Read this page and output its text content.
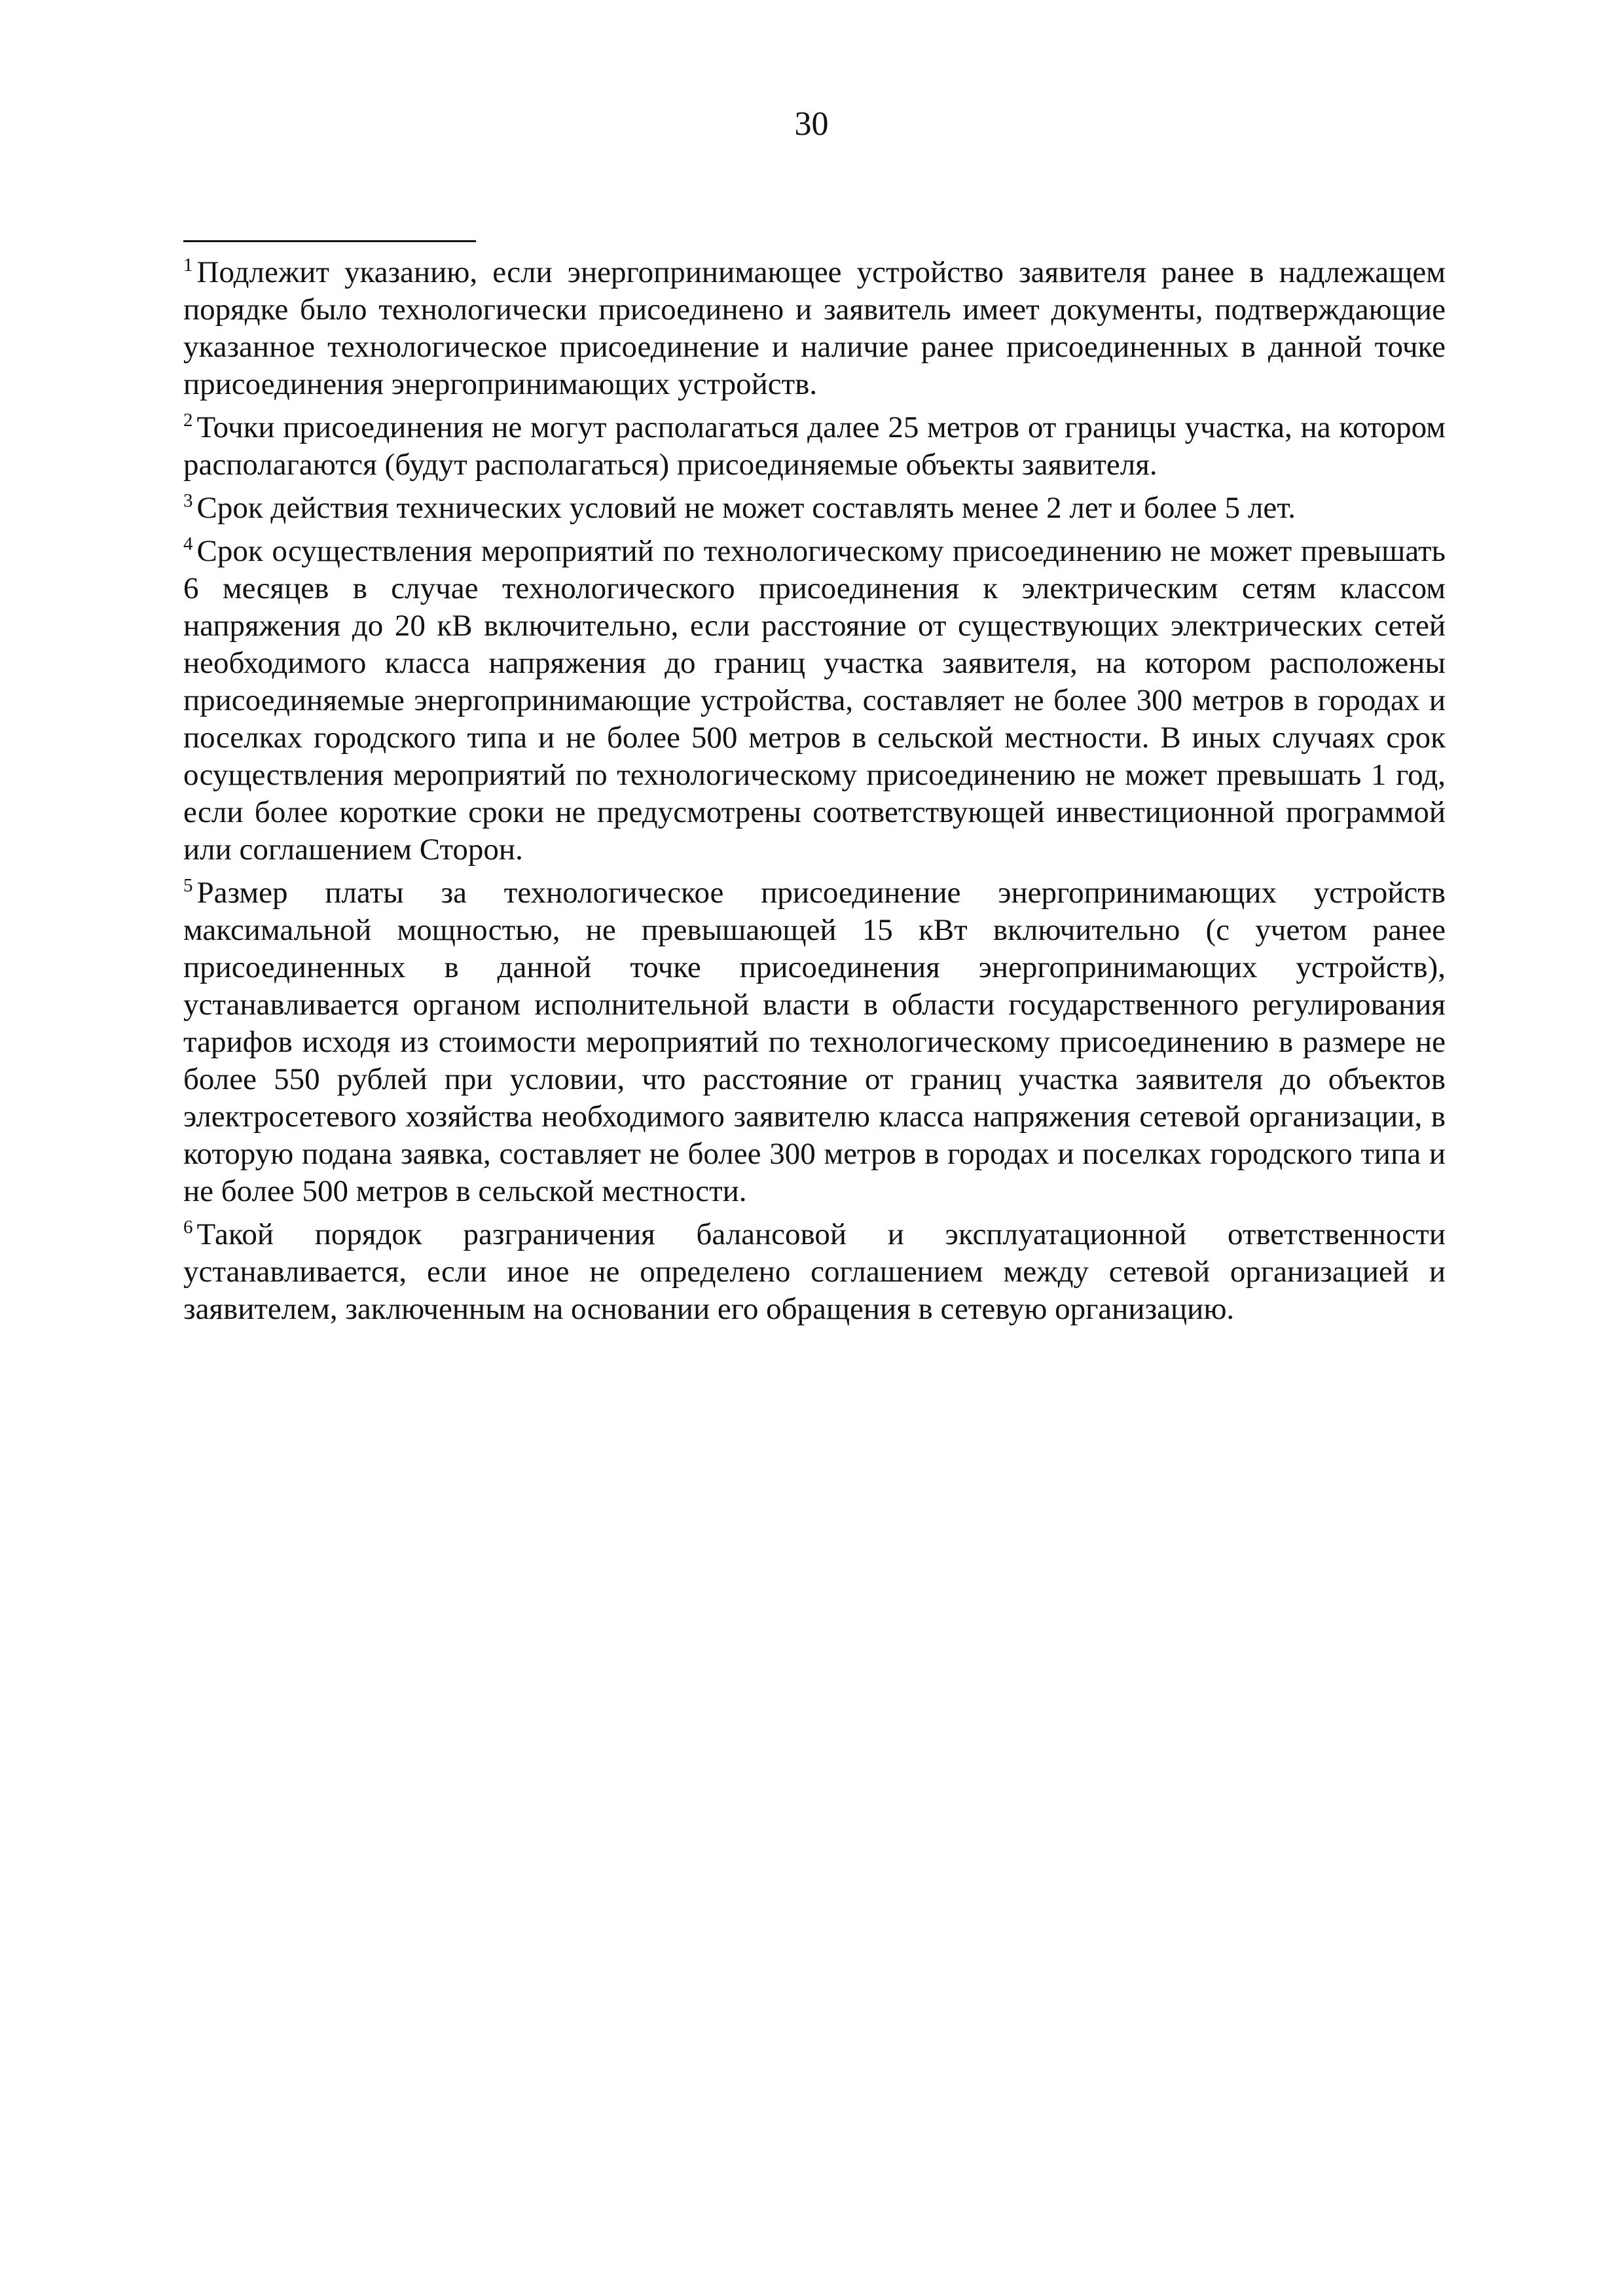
30

$^1$ Подлежит указанию, если энергопринимающее устройство заявителя ранее в надлежащем порядке было технологически присоединено и заявитель имеет документы, подтверждающие указанное технологическое присоединение и наличие ранее присоединенных в данной точке присоединения энергопринимающих устройств.

$^2$ Точки присоединения не могут располагаться далее 25 метров от границы участка, на котором располагаются (будут располагаться) присоединяемые объекты заявителя.

$^3$ Срок действия технических условий не может составлять менее 2 лет и более 5 лет.

$^4$ Срок осуществления мероприятий по технологическому присоединению не может превышать 6 месяцев в случае технологического присоединения к электрическим сетям классом напряжения до 20 кВ включительно, если расстояние от существующих электрических сетей необходимого класса напряжения до границ участка заявителя, на котором расположены присоединяемые энергопринимающие устройства, составляет не более 300 метров в городах и поселках городского типа и не более 500 метров в сельской местности. В иных случаях срок осуществления мероприятий по технологическому присоединению не может превышать 1 год, если более короткие сроки не предусмотрены соответствующей инвестиционной программой или соглашением Сторон.

$^5$ Размер платы за технологическое присоединение энергопринимающих устройств максимальной мощностью, не превышающей 15 кВт включительно (с учетом ранее присоединенных в данной точке присоединения энергопринимающих устройств), устанавливается органом исполнительной власти в области государственного регулирования тарифов исходя из стоимости мероприятий по технологическому присоединению в размере не более 550 рублей при условии, что расстояние от границ участка заявителя до объектов электросетевого хозяйства необходимого заявителю класса напряжения сетевой организации, в которую подана заявка, составляет не более 300 метров в городах и поселках городского типа и не более 500 метров в сельской местности.

$^6$ Такой порядок разграничения балансовой и эксплуатационной ответственности устанавливается, если иное не определено соглашением между сетевой организацией и заявителем, заключенным на основании его обращения в сетевую организацию.
